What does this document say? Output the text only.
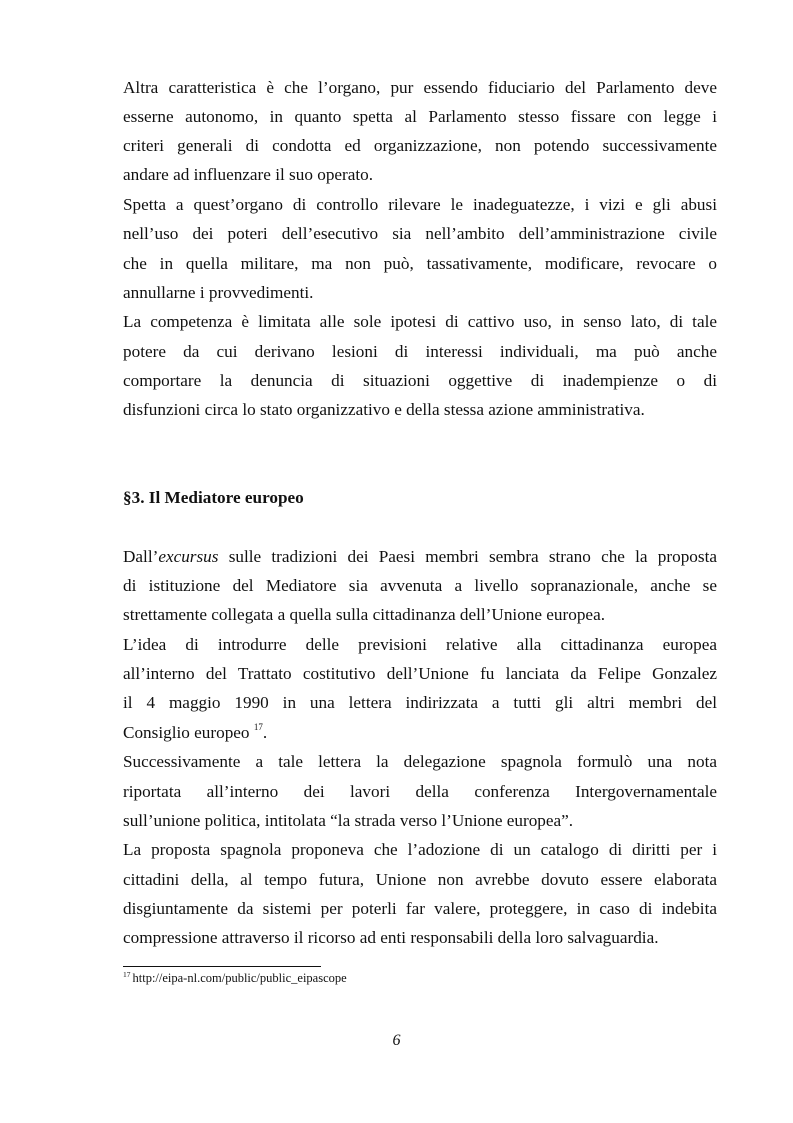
Altra caratteristica è che l’organo, pur essendo fiduciario del Parlamento deve
esserne autonomo, in quanto spetta al Parlamento stesso fissare con legge i
criteri generali di condotta ed organizzazione, non potendo successivamente
andare ad influenzare il suo operato.
Spetta a quest’organo di controllo rilevare le inadeguatezze, i vizi e gli abusi
nell’uso dei poteri dell’esecutivo sia nell’ambito dell’amministrazione civile
che in quella militare, ma non può, tassativamente, modificare, revocare o
annullarne i provvedimenti.
La competenza è limitata alle sole ipotesi di cattivo uso, in senso lato, di tale
potere da cui derivano lesioni di interessi individuali, ma può anche
comportare la denuncia di situazioni oggettive di inadempienze o di
disfunzioni circa lo stato organizzativo e della stessa azione amministrativa.
§3. Il Mediatore europeo
Dall’excursus sulle tradizioni dei Paesi membri sembra strano che la proposta
di istituzione del Mediatore sia avvenuta a livello sopranazionale, anche se
strettamente collegata a quella sulla cittadinanza dell’Unione europea.
L’idea di introdurre delle previsioni relative alla cittadinanza europea
all’interno del Trattato costitutivo dell’Unione fu lanciata da Felipe Gonzalez
il 4 maggio 1990 in una lettera indirizzata a tutti gli altri membri del
Consiglio europeo $^{17}$.
Successivamente a tale lettera la delegazione spagnola formulò una nota
riportata all’interno dei lavori della conferenza Intergovernamentale
sull’unione politica, intitolata “la strada verso l’Unione europea”.
La proposta spagnola proponeva che l’adozione di un catalogo di diritti per i
cittadini della, al tempo futura, Unione non avrebbe dovuto essere elaborata
disgiuntamente da sistemi per poterli far valere, proteggere, in caso di indebita
compressione attraverso il ricorso ad enti responsabili della loro salvaguardia.
$^{17}$ http://eipa-nl.com/public/public_eipascope
6
